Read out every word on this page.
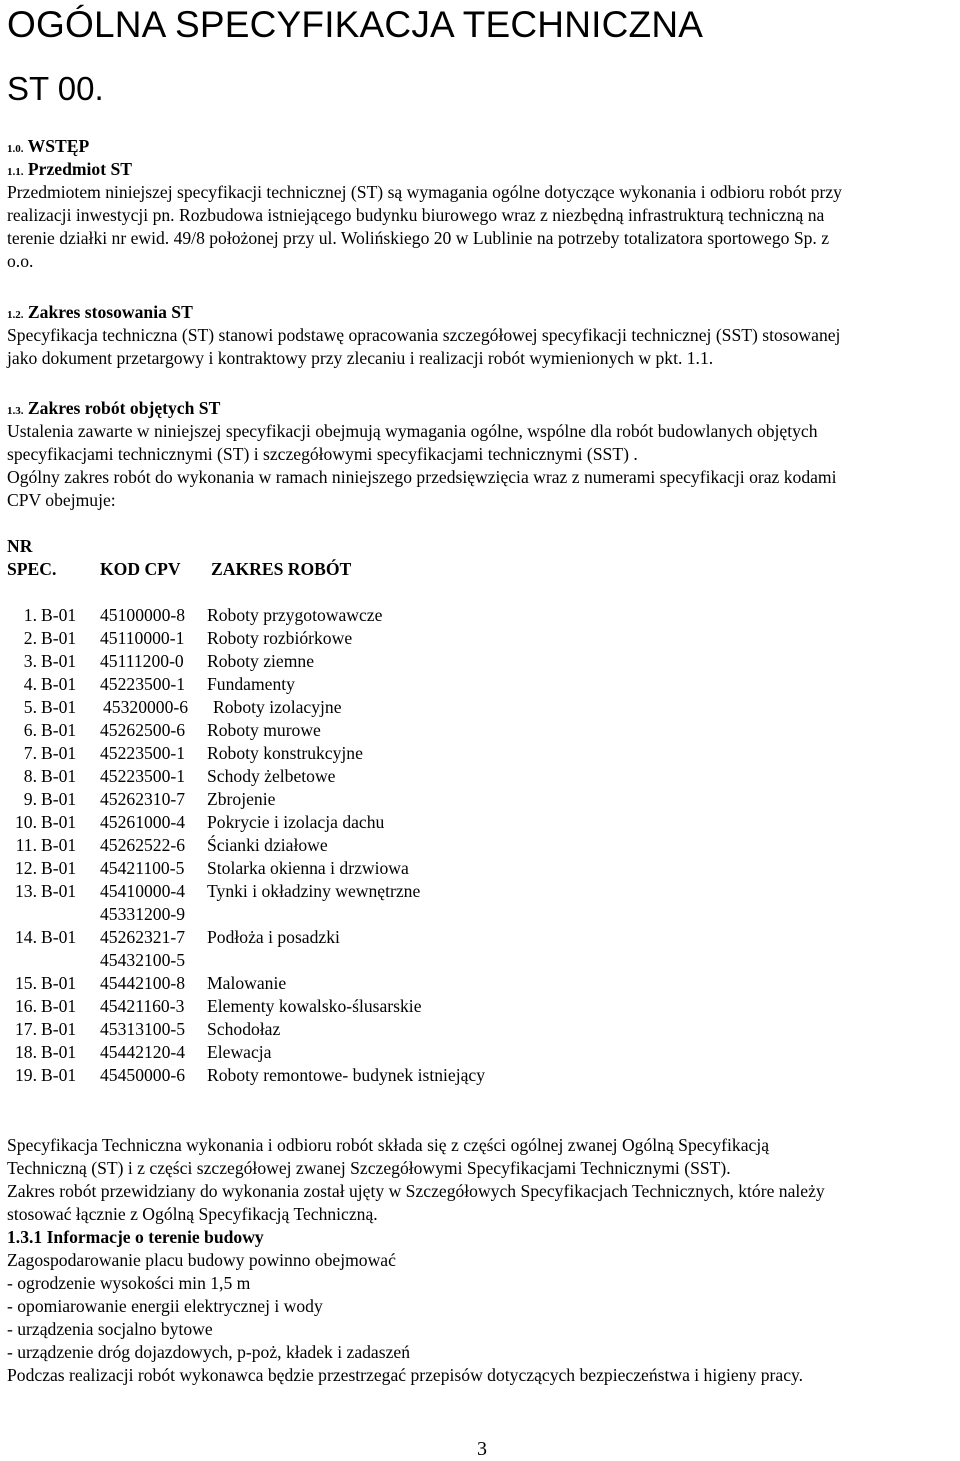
OGÓLNA SPECYFIKACJA TECHNICZNA
ST 00.
1.0. WSTĘP
1.1. Przedmiot ST

Przedmiotem niniejszej specyfikacji technicznej (ST) są wymagania ogólne dotyczące wykonania i odbioru robót przy

realizacji inwestycji pn. Rozbudowa istniejącego budynku biurowego wraz z niezbędną infrastrukturą techniczną na

terenie działki nr ewid. 49/8 położonej przy ul. Wolińskiego 20 w Lublinie na potrzeby totalizatora sportowego Sp. z

o.o.

1.2. Zakres stosowania ST

Specyfikacja techniczna (ST) stanowi podstawę opracowania szczegółowej specyfikacji technicznej (SST) stosowanej

jako dokument przetargowy i kontraktowy przy zlecaniu i realizacji robót wymienionych w pkt. 1.1.

1.3. Zakres robót objętych ST

Ustalenia zawarte w niniejszej specyfikacji obejmują wymagania ogólne, wspólne dla robót budowlanych objętych

specyfikacjami technicznymi (ST) i szczegółowymi specyfikacjami technicznymi (SST) .

Ogólny zakres robót do wykonania w ramach niniejszego przedsięwzięcia wraz z numerami specyfikacji oraz kodami

CPV obejmuje:

NR
SPEC. KOD CPV ZAKRES ROBÓT
1. B-01 45100000-8 Roboty przygotowawcze
2. B-01 45110000-1 Roboty rozbiórkowe
3. B-01 45111200-0 Roboty ziemne
4. B-01 45223500-1 Fundamenty
5. B-01 45320000-6 Roboty izolacyjne
6. B-01 45262500-6 Roboty murowe
7. B-01 45223500-1 Roboty konstrukcyjne
8. B-01 45223500-1 Schody żelbetowe
9. B-01 45262310-7 Zbrojenie
10. B-01 45261000-4 Pokrycie i izolacja dachu
11. B-01 45262522-6 Ścianki działowe
12. B-01 45421100-5 Stolarka okienna i drzwiowa
13. B-01 45410000-4 Tynki i okładziny wewnętrzne
45331200-9
14. B-01 45262321-7 Podłoża i posadzki
45432100-5
15. B-01 45442100-8 Malowanie
16. B-01 45421160-3 Elementy kowalsko-ślusarskie
17. B-01 45313100-5 Schodołaz
18. B-01 45442120-4 Elewacja
19. B-01 45450000-6 Roboty remontowe- budynek istniejący

Specyfikacja Techniczna wykonania i odbioru robót składa się z części ogólnej zwanej Ogólną Specyfikacją

Techniczną (ST) i z części szczegółowej zwanej Szczegółowymi Specyfikacjami Technicznymi (SST).

Zakres robót przewidziany do wykonania został ujęty w Szczegółowych Specyfikacjach Technicznych, które należy

stosować łącznie z Ogólną Specyfikacją Techniczną.

1.3.1 Informacje o terenie budowy

Zagospodarowanie placu budowy powinno obejmować

- ogrodzenie wysokości min 1,5 m

- opomiarowanie energii elektrycznej i wody

- urządzenia socjalno bytowe

- urządzenie dróg dojazdowych, p-poż, kładek i zadaszeń

Podczas realizacji robót wykonawca będzie przestrzegać przepisów dotyczących bezpieczeństwa i higieny pracy.

3
